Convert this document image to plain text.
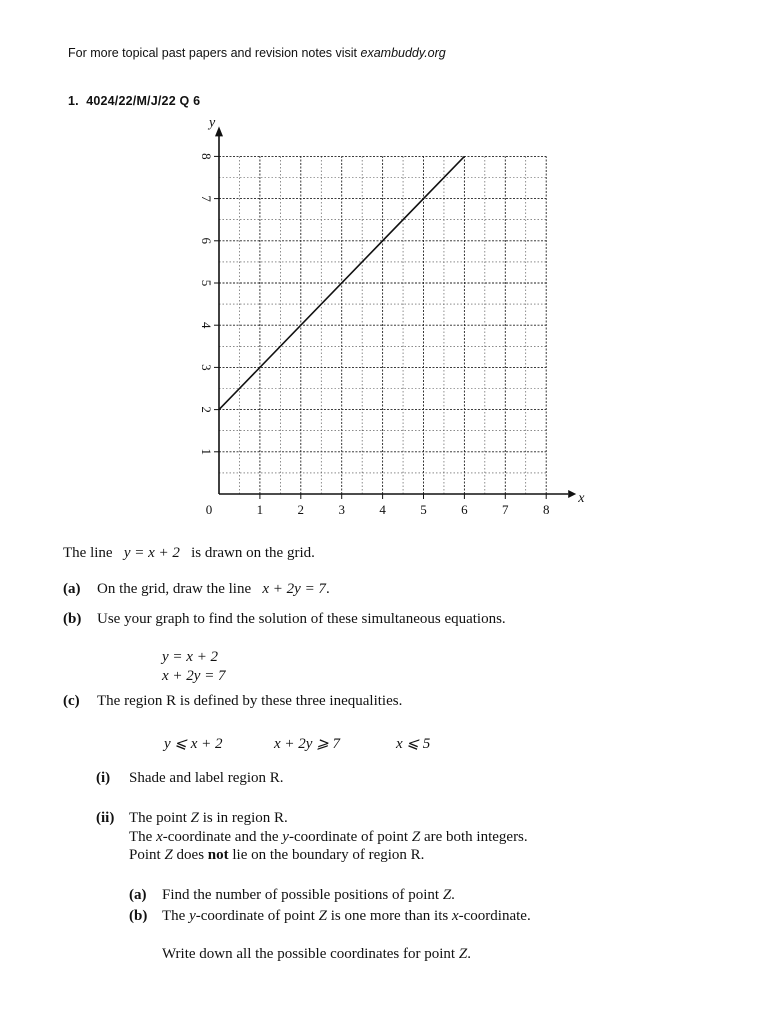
For more topical past papers and revision notes visit exambuddy.org
1. 4024/22/M/J/22 Q 6
0	1	2	3	4	5	6	7	8
1
2
3
4
5
6
7
8
x
y
The line   y = x + 2   is drawn on the grid.
(a) On the grid, draw the line   x + 2y = 7.
(b) Use your graph to find the solution of these simultaneous equations.
y = x + 2
x + 2y = 7
(c) The region R is defined by these three inequalities.
y ⩽ x + 2	x + 2y ⩾ 7	x ⩽ 5
(i) Shade and label region R.
(ii) The point Z is in region R.
The x-coordinate and the y-coordinate of point Z are both integers.
Point Z does not lie on the boundary of region R.
(a) Find the number of possible positions of point Z.
(b) The y-coordinate of point Z is one more than its x-coordinate.
Write down all the possible coordinates for point Z.
